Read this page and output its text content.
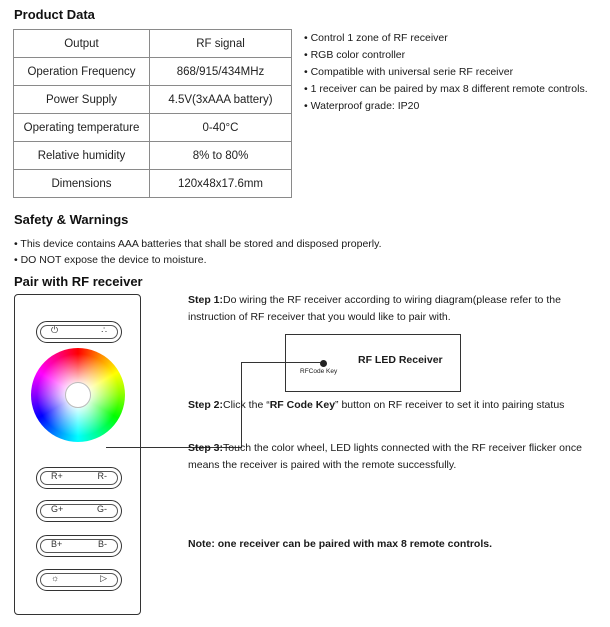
Product Data
Output	RF signal
Operation Frequency	868/915/434MHz
Power Supply	4.5V(3xAAA battery)
Operating temperature	0-40°C
Relative humidity	8% to 80%
Dimensions	120x48x17.6mm
• Control 1 zone of RF receiver
• RGB color controller
• Compatible with universal serie RF receiver
• 1 receiver can be paired by max 8 different remote controls.
• Waterproof grade: IP20
Safety & Warnings
• This device contains AAA batteries that shall be stored and disposed properly.
• DO NOT expose the device to moisture.
Pair with RF receiver
⏻	∴
R+	R-
G+	G-
B+	B-
☼	▷
Step 1:Do wiring the RF receiver according to wiring diagram(please refer to the instruction of RF receiver that you would like to pair with.
RF LED Receiver
RFCode Key
Step 2:Click the “RF Code Key” button on RF receiver to set it into pairing status
Step 3:Touch the color wheel, LED lights connected with the RF receiver flicker once means the receiver is paired with the remote successfully.
Note: one receiver can be paired with max 8 remote controls.
